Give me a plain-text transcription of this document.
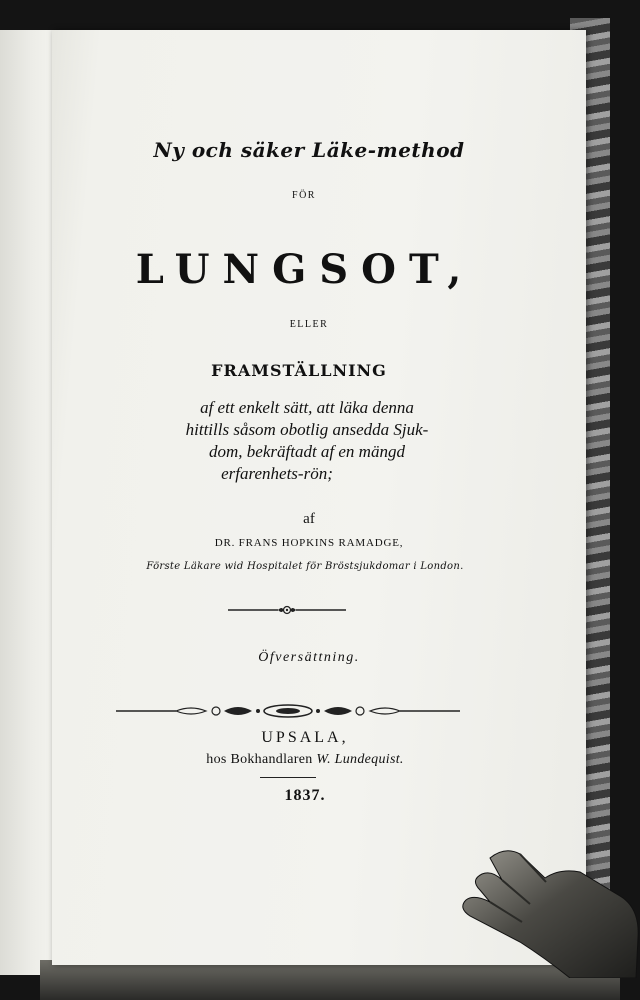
Ny och säker Läke-method
FÖR
LUNGSOT,
ELLER
FRAMSTÄLLNING
af ett enkelt sätt, att läka denna
hittills såsom obotlig ansedda Sjuk-
dom, bekräftadt af en mängd
erfarenhets-rön;
af
DR. FRANS HOPKINS RAMADGE,
Förste Läkare wid Hospitalet för Bröstsjukdomar i London.
Öfversättning.
UPSALA,
hos Bokhandlaren W. Lundequist.
1837.
